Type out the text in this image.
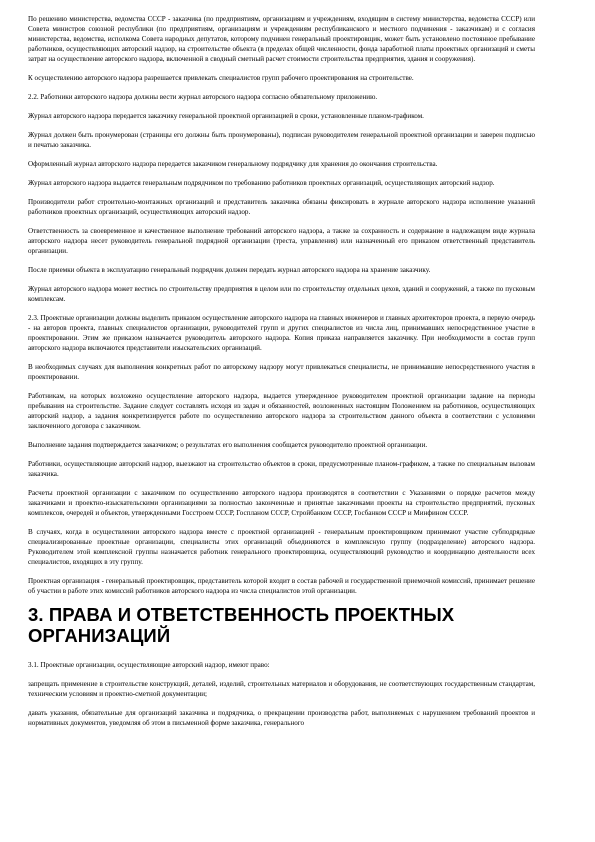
По решению министерства, ведомства СССР - заказчика (по предприятиям, организациям и учреждениям, входящим в систему министерства, ведомства СССР) или Совета министров союзной республики (по предприятиям, организациям и учреждениям республиканского и местного подчинения - заказчикам) и с согласия министерства, ведомства, исполкома Совета народных депутатов, которому подчинен генеральный проектировщик, может быть установлено постоянное пребывание работников, осуществляющих авторский надзор, на строительстве объекта (в пределах общей численности, фонда заработной платы проектных организаций и сметы затрат на осуществление авторского надзора, включенной в сводный сметный расчет стоимости строительства предприятия, здания и сооружения).

К осуществлению авторского надзора разрешается привлекать специалистов групп рабочего проектирования на строительстве.

2.2. Работники авторского надзора должны вести журнал авторского надзора согласно обязательному приложению.

Журнал авторского надзора передается заказчику генеральной проектной организацией в сроки, установленные планом-графиком.

Журнал должен быть пронумерован (страницы его должны быть пронумерованы), подписан руководителем генеральной проектной организации и заверен подписью и печатью заказчика.

Оформленный журнал авторского надзора передается заказчиком генеральному подрядчику для хранения до окончания строительства.

Журнал авторского надзора выдается генеральным подрядчиком по требованию работников проектных организаций, осуществляющих авторский надзор.

Производители работ строительно-монтажных организаций и представитель заказчика обязаны фиксировать в журнале авторского надзора исполнение указаний работников проектных организаций, осуществляющих авторский надзор.

Ответственность за своевременное и качественное выполнение требований авторского надзора, а также за сохранность и содержание в надлежащем виде журнала авторского надзора несет руководитель генеральной подрядной организации (треста, управления) или назначенный его приказом ответственный представитель организации.

После приемки объекта в эксплуатацию генеральный подрядчик должен передать журнал авторского надзора на хранение заказчику.

Журнал авторского надзора может вестись по строительству предприятия в целом или по строительству отдельных цехов, зданий и сооружений, а также по пусковым комплексам.

2.3. Проектные организации должны выделить приказом осуществление авторского надзора на главных инженеров и главных архитекторов проекта, в первую очередь - на авторов проекта, главных специалистов организации, руководителей групп и других специалистов из числа лиц, принимавших непосредственное участие в проектировании. Этим же приказом назначается руководитель авторского надзора. Копия приказа направляется заказчику. При необходимости в состав групп авторского надзора включаются представители изыскательских организаций.

В необходимых случаях для выполнения конкретных работ по авторскому надзору могут привлекаться специалисты, не принимавшие непосредственного участия в проектировании.

Работникам, на которых возложено осуществление авторского надзора, выдается утвержденное руководителем проектной организации задание на периоды пребывания на строительстве. Задание следует составлять исходя из задач и обязанностей, возложенных настоящим Положением на работников, осуществляющих авторский надзор, а задания конкретизируется работе по осуществлению авторского надзора за строительством данного объекта в соответствии с условиями заключенного договора с заказчиком.

Выполнение задания подтверждается заказчиком; о результатах его выполнения сообщается руководителю проектной организации.

Работники, осуществляющие авторский надзор, выезжают на строительство объектов в сроки, предусмотренные планом-графиком, а также по специальным вызовам заказчика.

Расчеты проектной организации с заказчиком по осуществлению авторского надзора производятся в соответствии с Указаниями о порядке расчетов между заказчиками и проектно-изыскательскими организациями за полностью законченные и принятые заказчиками проекты на строительство предприятий, пусковых комплексов, очередей и объектов, утвержденными Госстроем СССР, Госпланом СССР, Стройбанком СССР, Госбанком СССР и Минфином СССР.

В случаях, когда в осуществлении авторского надзора вместе с проектной организацией - генеральным проектировщиком принимают участие субподрядные специализированные проектные организации, специалисты этих организаций объединяются в комплексную группу (подразделение) авторского надзора. Руководителем этой комплексной группы назначается работник генерального проектировщика, осуществляющий руководство и координацию деятельности всех специалистов, входящих в эту группу.

Проектная организация - генеральный проектировщик, представитель которой входит в состав рабочей и государственной приемочной комиссий, принимает решение об участии в работе этих комиссий работников авторского надзора из числа специалистов этой организации.

3. ПРАВА И ОТВЕТСТВЕННОСТЬ ПРОЕКТНЫХ ОРГАНИЗАЦИЙ

3.1. Проектные организации, осуществляющие авторский надзор, имеют право:

запрещать применение в строительстве конструкций, деталей, изделий, строительных материалов и оборудования, не соответствующих государственным стандартам, техническим условиям и проектно-сметной документации;

давать указания, обязательные для организаций заказчика и подрядчика, о прекращении производства работ, выполняемых с нарушением требований проектов и нормативных документов, уведомляя об этом в письменной форме заказчика, генерального
